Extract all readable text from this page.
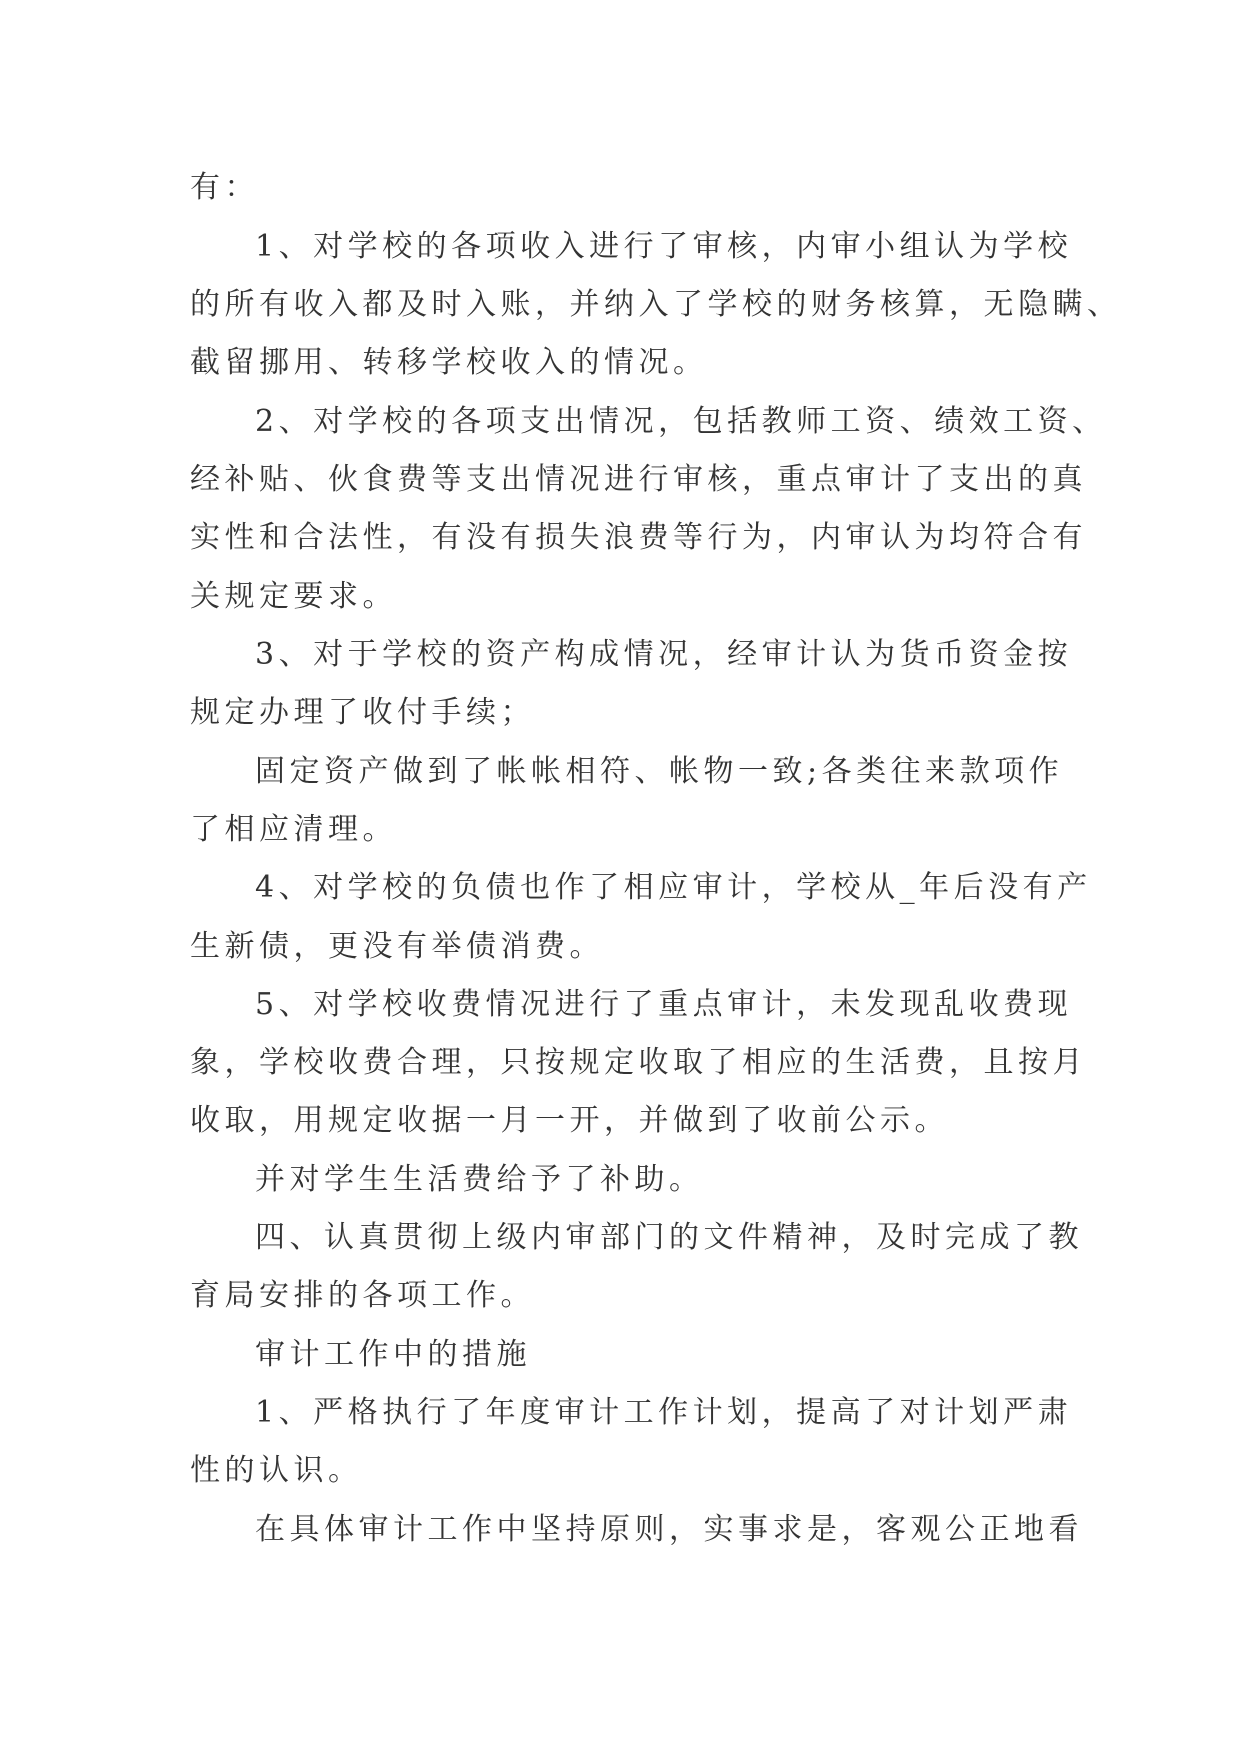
有：
1、对学校的各项收入进行了审核，内审小组认为学校
的所有收入都及时入账，并纳入了学校的财务核算，无隐瞒、
截留挪用、转移学校收入的情况。
2、对学校的各项支出情况，包括教师工资、绩效工资、
经补贴、伙食费等支出情况进行审核，重点审计了支出的真
实性和合法性，有没有损失浪费等行为，内审认为均符合有
关规定要求。
3、对于学校的资产构成情况，经审计认为货币资金按
规定办理了收付手续；
固定资产做到了帐帐相符、帐物一致;各类往来款项作
了相应清理。
4、对学校的负债也作了相应审计，学校从_年后没有产
生新债，更没有举债消费。
5、对学校收费情况进行了重点审计，未发现乱收费现
象，学校收费合理，只按规定收取了相应的生活费，且按月
收取，用规定收据一月一开，并做到了收前公示。
并对学生生活费给予了补助。
四、认真贯彻上级内审部门的文件精神，及时完成了教
育局安排的各项工作。
审计工作中的措施
1、严格执行了年度审计工作计划，提高了对计划严肃
性的认识。
在具体审计工作中坚持原则，实事求是，客观公正地看
